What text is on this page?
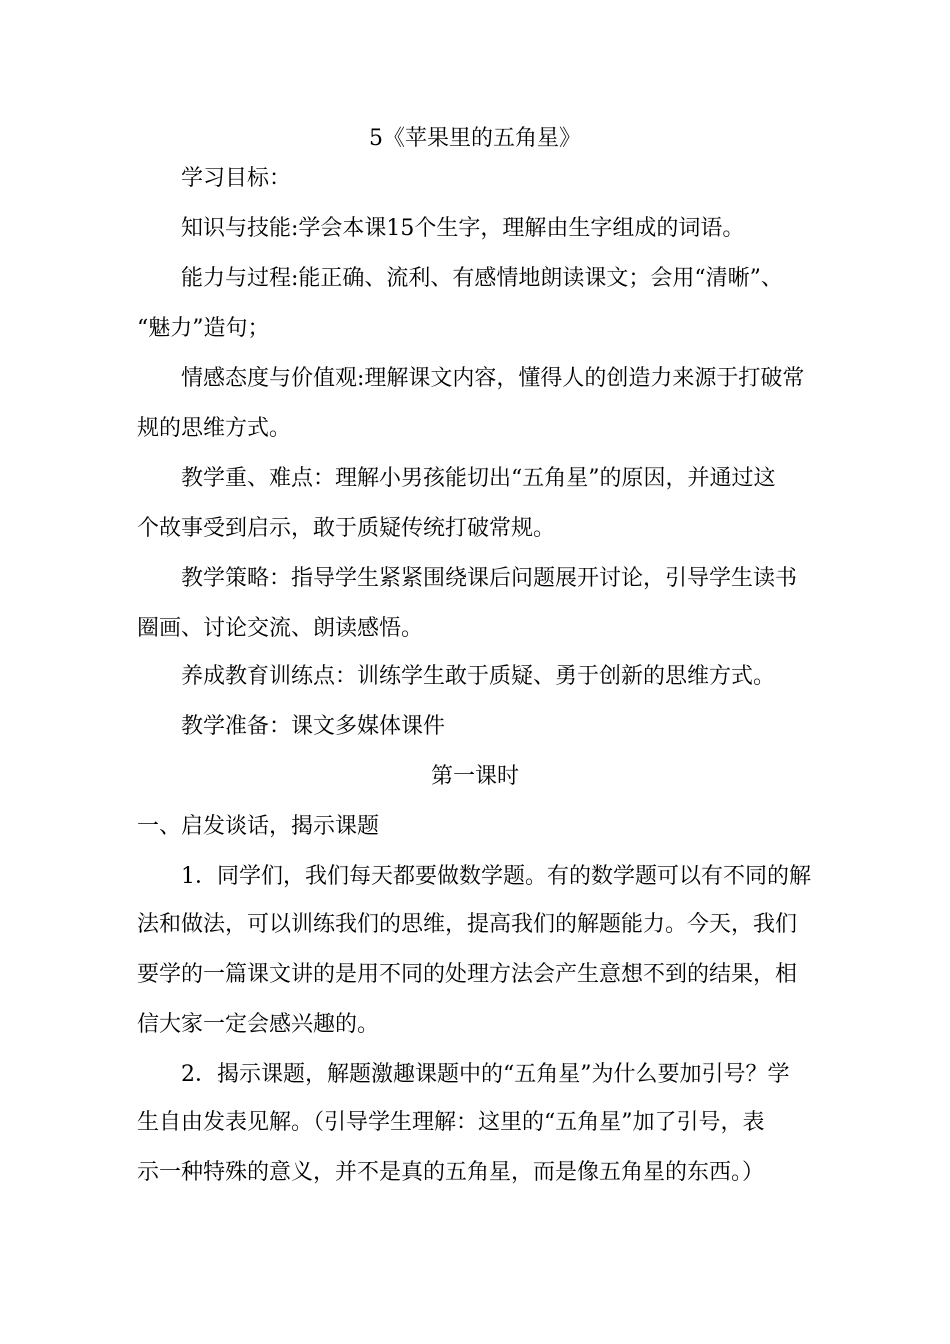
5《苹果里的五角星》
学习目标：
知识与技能:学会本课15个生字，理解由生字组成的词语。
能力与过程:能正确、流利、有感情地朗读课文；会用“清晰”、
“魅力”造句；
情感态度与价值观:理解课文内容，懂得人的创造力来源于打破常
规的思维方式。
教学重、难点：理解小男孩能切出“五角星”的原因，并通过这
个故事受到启示，敢于质疑传统打破常规。
教学策略：指导学生紧紧围绕课后问题展开讨论，引导学生读书
圈画、讨论交流、朗读感悟。
养成教育训练点：训练学生敢于质疑、勇于创新的思维方式。
教学准备：课文多媒体课件
第一课时
一、启发谈话，揭示课题
1．同学们，我们每天都要做数学题。有的数学题可以有不同的解
法和做法，可以训练我们的思维，提高我们的解题能力。今天，我们
要学的一篇课文讲的是用不同的处理方法会产生意想不到的结果，相
信大家一定会感兴趣的。
2．揭示课题，解题激趣课题中的“五角星”为什么要加引号？学
生自由发表见解。（引导学生理解：这里的“五角星”加了引号，表
示一种特殊的意义，并不是真的五角星，而是像五角星的东西。）
